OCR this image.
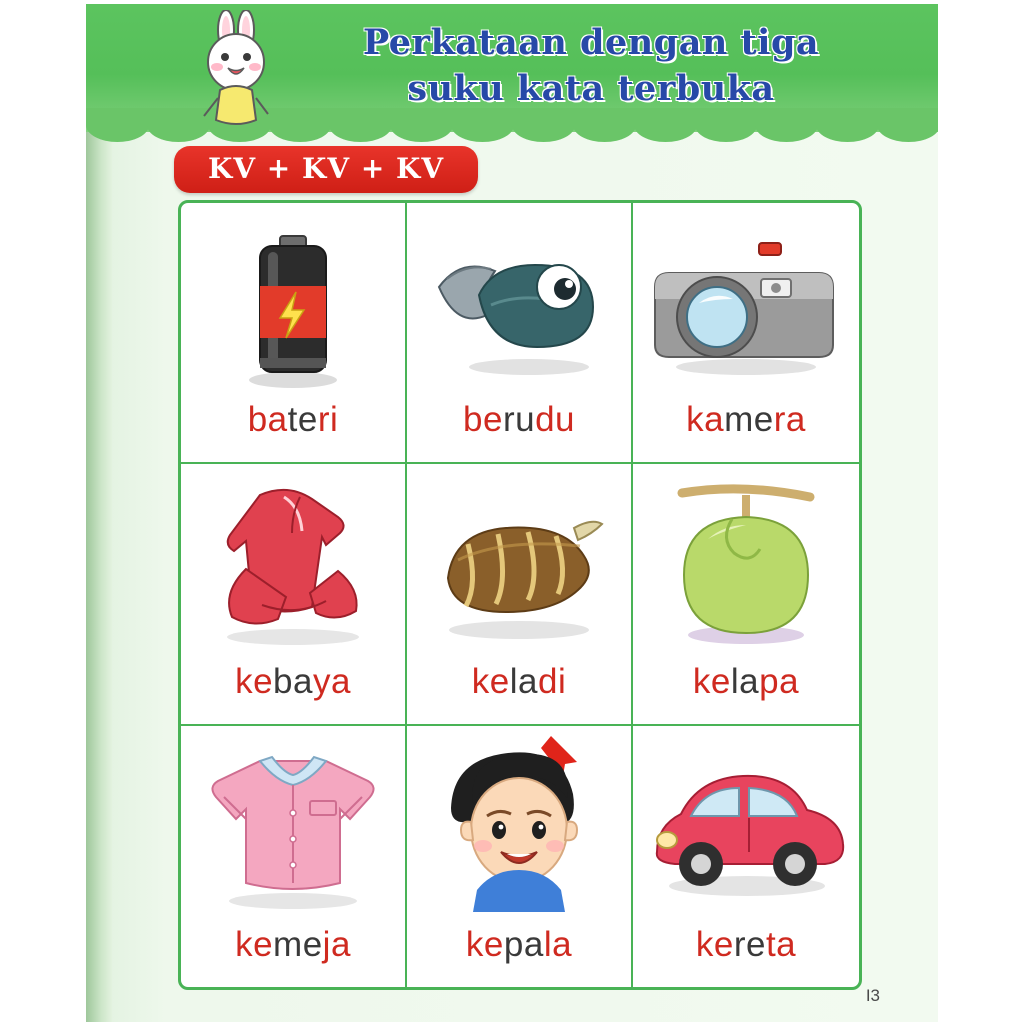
Perkataan dengan tiga
suku kata terbuka
KV + KV + KV
bateri	berudu	kamera
kebaya	keladi	kelapa
kemeja	kepala	kereta
I3
